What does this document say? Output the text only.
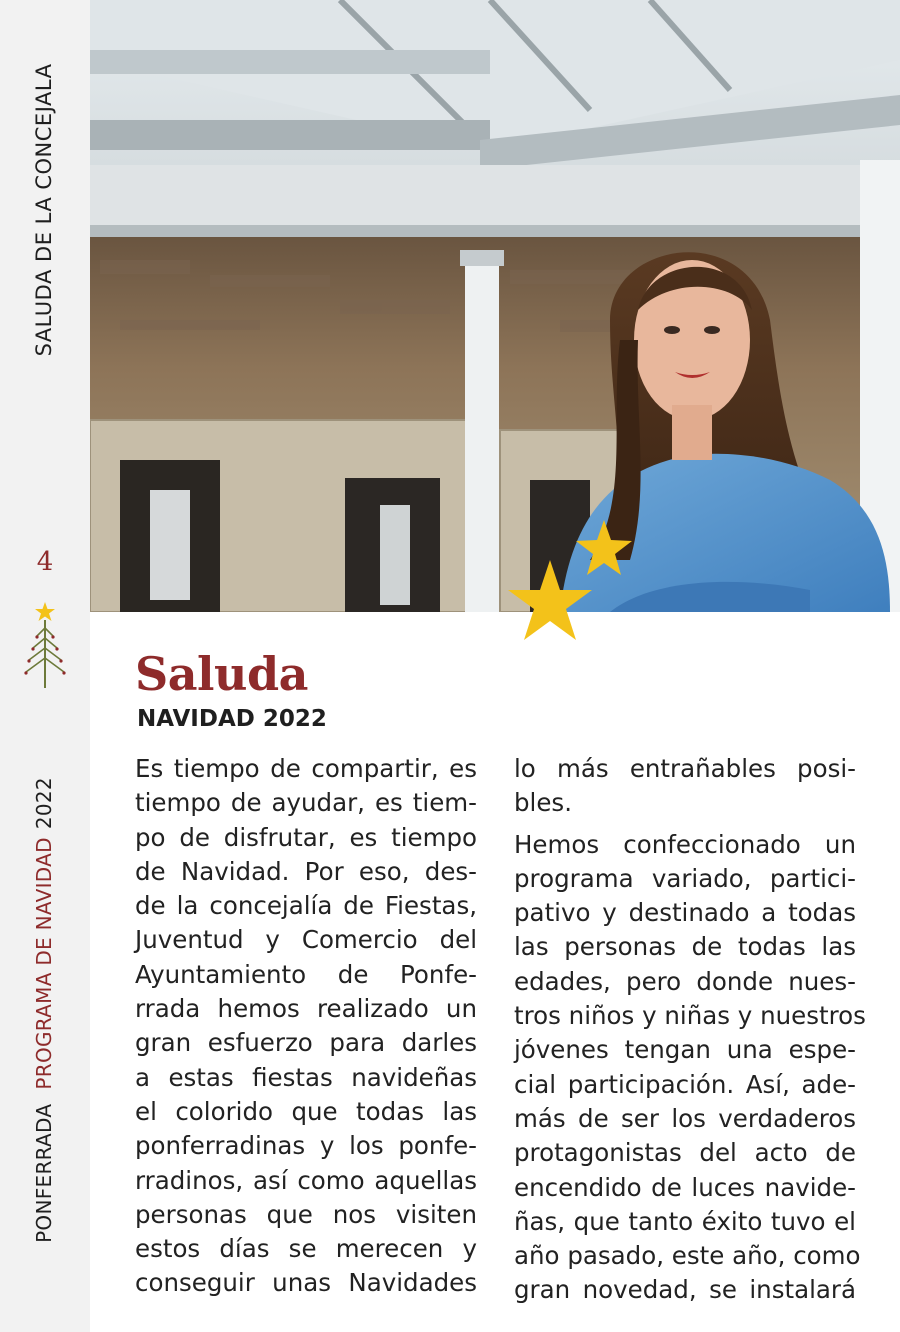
SALUDA DE LA CONCEJALA
4
PONFERRADAPROGRAMA DE NAVIDAD2022
Saluda
NAVIDAD 2022
Es tiempo de compartir, es
tiempo de ayudar, es tiem-
po de disfrutar, es tiempo
de Navidad. Por eso, des-
de la concejalía de Fiestas,
Juventud y Comercio del
Ayuntamiento de Ponfe-
rrada hemos realizado un
gran esfuerzo para darles
a estas fiestas navideñas
el colorido que todas las
ponferradinas y los ponfe-
rradinos, así como aquellas
personas que nos visiten
estos días se merecen y
conseguir unas Navidades
lo más entrañables posi-
bles.
Hemos confeccionado un
programa variado, partici-
pativo y destinado a todas
las personas de todas las
edades, pero donde nues-
tros niños y niñas y nuestros
jóvenes tengan una espe-
cial participación. Así, ade-
más de ser los verdaderos
protagonistas del acto de
encendido de luces navide-
ñas, que tanto éxito tuvo el
año pasado, este año, como
gran novedad, se instalará
